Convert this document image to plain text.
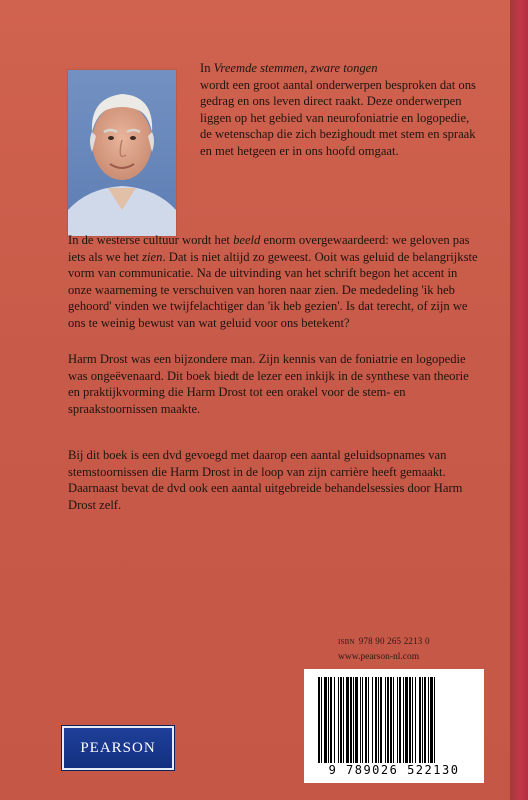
In Vreemde stemmen, zware tongen
wordt een groot aantal onderwerpen besproken dat ons gedrag en ons leven direct raakt. Deze onderwerpen liggen op het gebied van neurofoniatrie en logopedie, de wetenschap die zich bezighoudt met stem en spraak en met hetgeen er in ons hoofd omgaat.

In de westerse cultuur wordt het beeld enorm overgewaardeerd: we geloven pas iets als we het zien. Dat is niet altijd zo geweest. Ooit was geluid de belangrijkste vorm van communicatie. Na de uitvinding van het schrift begon het accent in onze waarneming te verschuiven van horen naar zien. De mededeling 'ik heb gehoord' vinden we twijfelachtiger dan 'ik heb gezien'. Is dat terecht, of zijn we ons te weinig bewust van wat geluid voor ons betekent?

Harm Drost was een bijzondere man. Zijn kennis van de foniatrie en logopedie was ongeëvenaard. Dit boek biedt de lezer een inkijk in de synthese van theorie en praktijkvorming die Harm Drost tot een orakel voor de stem- en spraakstoornissen maakte.

Bij dit boek is een dvd gevoegd met daarop een aantal geluidsopnames van stemstoornissen die Harm Drost in de loop van zijn carrière heeft gemaakt. Daarnaast bevat de dvd ook een aantal uitgebreide behandelsessies door Harm Drost zelf.

ISBN 978 90 265 2213 0
www.pearson-nl.com
9 789026 522130
PEARSON
